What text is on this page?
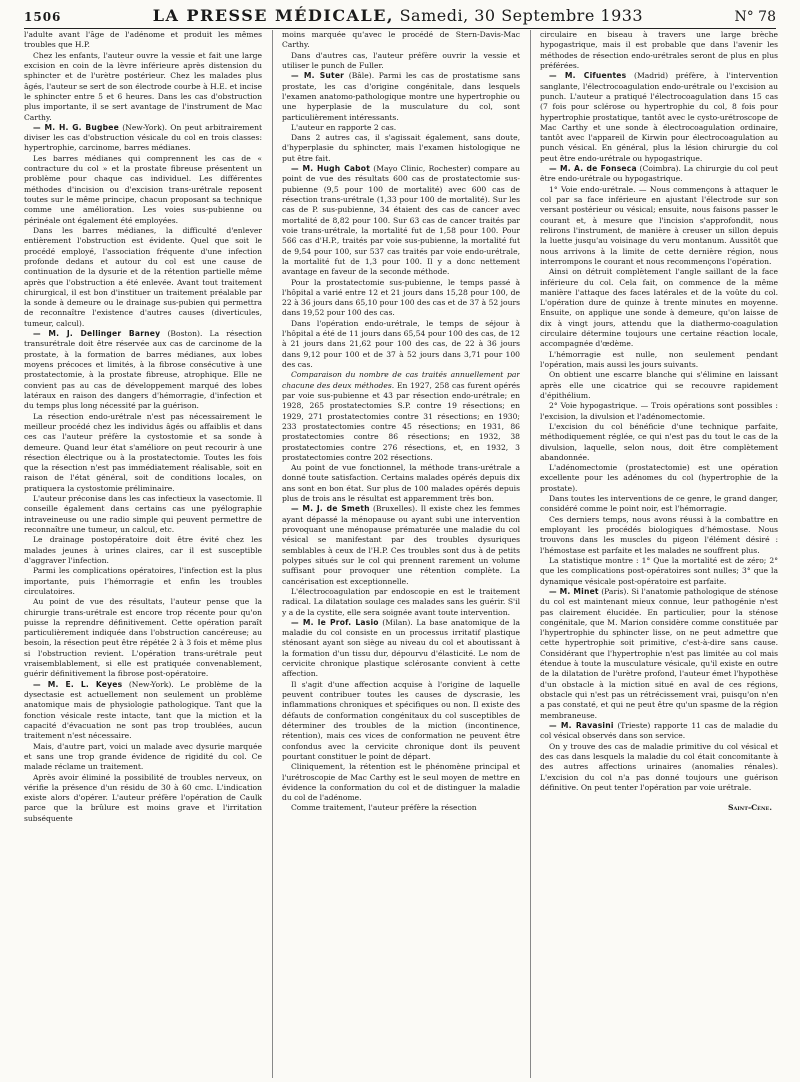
1506	LA PRESSE MÉDICALE, Samedi, 30 Septembre 1933	N° 78

l'adulte avant l'âge de l'adénome et produit les mêmes troubles que H.P.

Chez les enfants, l'auteur ouvre la vessie et fait une large excision en coin de la lèvre inférieure après distension du sphincter et de l'urètre postérieur. Chez les malades plus âgés, l'auteur se sert de son électrode courbe à H.E. et incise le sphincter entre 5 et 6 heures. Dans les cas d'obstruction plus importante, il se sert avantage de l'instrument de Mac Carthy.

— M. H. G. Bugbee (New-York). On peut arbitrairement diviser les cas d'obstruction vésicale du col en trois classes: hypertrophie, carcinome, barres médianes.

Les barres médianes qui comprennent les cas de « contracture du col » et la prostate fibreuse présentent un problème pour chaque cas individuel. Les différentes méthodes d'incision ou d'excision trans-urétrale reposent toutes sur le même principe, chacun proposant sa technique comme une amélioration. Les voies sus-pubienne ou périnéale ont également été employées.

Dans les barres médianes, la difficulté d'enlever entièrement l'obstruction est évidente. Quel que soit le procédé employé, l'association fréquente d'une infection profonde dedans et autour du col est une cause de continuation de la dysurie et de la rétention partielle même après que l'obstruction a été enlevée. Avant tout traitement chirurgical, il est bon d'instituer un traitement préalable par la sonde à demeure ou le drainage sus-pubien qui permettra de reconnaître l'existence d'autres causes (diverticules, tumeur, calcul).

— M. J. Dellinger Barney (Boston). La résection transurétrale doit être réservée aux cas de carcinome de la prostate, à la formation de barres médianes, aux lobes moyens précoces et limités, à la fibrose consécutive à une prostatectomie, à la prostate fibreuse, atrophique. Elle ne convient pas au cas de développement marqué des lobes latéraux en raison des dangers d'hémorragie, d'infection et du temps plus long nécessité par la guérison.

La résection endo-urétrale n'est pas nécessairement le meilleur procédé chez les individus âgés ou affaiblis et dans ces cas l'auteur préfère la cystostomie et sa sonde à demeure. Quand leur état s'améliore on peut recourir à une résection électrique ou à la prostatectomie. Toutes les fois que la résection n'est pas immédiatement réalisable, soit en raison de l'état général, soit de conditions locales, on pratiquera la cystostomie préliminaire.

L'auteur préconise dans les cas infectieux la vasectomie. Il conseille également dans certains cas une pyélographie intraveineuse ou une radio simple qui peuvent permettre de reconnaître une tumeur, un calcul, etc.

Le drainage postopératoire doit être évité chez les malades jeunes à urines claires, car il est susceptible d'aggraver l'infection.

Parmi les complications opératoires, l'infection est la plus importante, puis l'hémorragie et enfin les troubles circulatoires.

Au point de vue des résultats, l'auteur pense que la chirurgie trans-urétrale est encore trop récente pour qu'on puisse la reprendre définitivement. Cette opération paraît particulièrement indiquée dans l'obstruction cancéreuse; au besoin, la résection peut être répétée 2 à 3 fois et même plus si l'obstruction revient. L'opération trans-urétrale peut vraisemblablement, si elle est pratiquée convenablement, guérir définitivement la fibrose post-opératoire.

— M. E. L. Keyes (New-York). Le problème de la dysectasie est actuellement non seulement un problème anatomique mais de physiologie pathologique. Tant que la fonction vésicale reste intacte, tant que la miction et la capacité d'évacuation ne sont pas trop troublées, aucun traitement n'est nécessaire.

Mais, d'autre part, voici un malade avec dysurie marquée et sans une trop grande évidence de rigidité du col. Ce malade réclame un traitement.

Après avoir éliminé la possibilité de troubles nerveux, on vérifie la présence d'un résidu de 30 à 60 cmc. L'indication existe alors d'opérer. L'auteur préfère l'opération de Caulk parce que la brûlure est moins grave et l'irritation subséquente

moins marquée qu'avec le procédé de Stern-Davis-Mac Carthy.

Dans d'autres cas, l'auteur préfère ouvrir la vessie et utiliser le punch de Fuller.

— M. Suter (Bâle). Parmi les cas de prostatisme sans prostate, les cas d'origine congénitale, dans lesquels l'examen anatomo-pathologique montre une hypertrophie ou une hyperplasie de la musculature du col, sont particulièrement intéressants.

L'auteur en rapporte 2 cas.

Dans 2 autres cas, il s'agissait également, sans doute, d'hyperplasie du sphincter, mais l'examen histologique ne put être fait.

— M. Hugh Cabot (Mayo Clinic, Rochester) compare au point de vue des résultats 600 cas de prostatectomie sus-pubienne (9,5 pour 100 de mortalité) avec 600 cas de résection trans-urétrale (1,33 pour 100 de mortalité). Sur les cas de P. sus-pubienne, 34 étaient des cas de cancer avec mortalité de 8,82 pour 100. Sur 63 cas de cancer traités par voie trans-urétrale, la mortalité fut de 1,58 pour 100. Pour 566 cas d'H.P., traités par voie sus-pubienne, la mortalité fut de 9,54 pour 100, sur 537 cas traités par voie endo-urétrale, la mortalité fut de 1,3 pour 100. Il y a donc nettement avantage en faveur de la seconde méthode.

Pour la prostatectomie sus-pubienne, le temps passé à l'hôpital a varié entre 12 et 21 jours dans 15,28 pour 100, de 22 à 36 jours dans 65,10 pour 100 des cas et de 37 à 52 jours dans 19,52 pour 100 des cas.

Dans l'opération endo-urétrale, le temps de séjour à l'hôpital a été de 11 jours dans 65,54 pour 100 des cas, de 12 à 21 jours dans 21,62 pour 100 des cas, de 22 à 36 jours dans 9,12 pour 100 et de 37 à 52 jours dans 3,71 pour 100 des cas.

Comparaison du nombre de cas traités annuellement par chacune des deux méthodes. En 1927, 258 cas furent opérés par voie sus-pubienne et 43 par résection endo-urétrale; en 1928, 265 prostatectomies S.P. contre 19 résections; en 1929, 271 prostatectomies contre 31 résections; en 1930; 233 prostatectomies contre 45 résections; en 1931, 86 prostatectomies contre 86 résections; en 1932, 38 prostatectomies contre 276 résections, et, en 1932, 3 prostatectomies contre 202 résections.

Au point de vue fonctionnel, la méthode trans-urétrale a donné toute satisfaction. Certains malades opérés depuis dix ans sont en bon état. Sur plus de 100 malades opérés depuis plus de trois ans le résultat est apparemment très bon.

— M. J. de Smeth (Bruxelles). Il existe chez les femmes ayant dépassé la ménopause ou ayant subi une intervention provoquant une ménopause prématurée une maladie du col vésical se manifestant par des troubles dysuriques semblables à ceux de l'H.P. Ces troubles sont dus à de petits polypes situés sur le col qui prennent rarement un volume suffisant pour provoquer une rétention complète. La cancérisation est exceptionnelle.

L'électrocoagulation par endoscopie en est le traitement radical. La dilatation soulage ces malades sans les guérir. S'il y a de la cystite, elle sera soignée avant toute intervention.

— M. le Prof. Lasio (Milan). La base anatomique de la maladie du col consiste en un processus irritatif plastique sténosant ayant son siège au niveau du col et aboutissant à la formation d'un tissu dur, dépourvu d'élasticité. Le nom de cervicite chronique plastique sclérosante convient à cette affection.

Il s'agit d'une affection acquise à l'origine de laquelle peuvent contribuer toutes les causes de dyscrasie, les inflammations chroniques et spécifiques ou non. Il existe des défauts de conformation congénitaux du col susceptibles de déterminer des troubles de la miction (incontinence, rétention), mais ces vices de conformation ne peuvent être confondus avec la cervicite chronique dont ils peuvent pourtant constituer le point de départ.

Cliniquement, la rétention est le phénomène principal et l'urétroscopie de Mac Carthy est le seul moyen de mettre en évidence la conformation du col et de distinguer la maladie du col de l'adénome.

Comme traitement, l'auteur préfère la résection

circulaire en biseau à travers une large brèche hypogastrique, mais il est probable que dans l'avenir les méthodes de résection endo-urétrales seront de plus en plus préférées.

— M. Cifuentes (Madrid) préfère, à l'intervention sanglante, l'électrocoagulation endo-urétrale ou l'excision au punch. L'auteur a pratiqué l'électrocoagulation dans 15 cas (7 fois pour sclérose ou hypertrophie du col, 8 fois pour hypertrophie prostatique, tantôt avec le cysto-urétroscope de Mac Carthy et une sonde à électrocoagulation ordinaire, tantôt avec l'appareil de Kirwin pour électrocoagulation au punch vésical. En général, plus la lésion chirurgie du col peut être endo-urétrale ou hypogastrique.

— M. A. de Fonseca (Coimbra). La chirurgie du col peut être endo-urétrale ou hypogastrique.

1° Voie endo-urétrale. — Nous commençons à attaquer le col par sa face inférieure en ajustant l'électrode sur son versant postérieur ou vésical; ensuite, nous faisons passer le courant et, à mesure que l'incision s'approfondit, nous relirons l'instrument, de manière à creuser un sillon depuis la luette jusqu'au voisinage du veru montanum. Aussitôt que nous arrivons à la limite de cette dernière région, nous interrompons le courant et nous recommençons l'opération.

Ainsi on détruit complètement l'angle saillant de la face inférieure du col. Cela fait, on commence de la même manière l'attaque des faces latérales et de la voûte du col. L'opération dure de quinze à trente minutes en moyenne. Ensuite, on applique une sonde à demeure, qu'on laisse de dix à vingt jours, attendu que la diathermo-coagulation circulaire détermine toujours une certaine réaction locale, accompagnée d'œdème.

L'hémorragie est nulle, non seulement pendant l'opération, mais aussi les jours suivants.

On obtient une escarre blanche qui s'élimine en laissant après elle une cicatrice qui se recouvre rapidement d'épithélium.

2° Voie hypogastrique. — Trois opérations sont possibles : l'excision, la divulsion et l'adénomectomie.

L'excision du col bénéficie d'une technique parfaite, méthodiquement réglée, ce qui n'est pas du tout le cas de la divulsion, laquelle, selon nous, doit être complètement abandonnée.

L'adénomectomie (prostatectomie) est une opération excellente pour les adénomes du col (hypertrophie de la prostate).

Dans toutes les interventions de ce genre, le grand danger, considéré comme le point noir, est l'hémorragie.

Ces derniers temps, nous avons réussi à la combattre en employant les procédés biologiques d'hémostase. Nous trouvons dans les muscles du pigeon l'élément désiré : l'hémostase est parfaite et les malades ne souffrent plus.

La statistique montre : 1° Que la mortalité est de zéro; 2° que les complications post-opératoires sont nulles; 3° que la dynamique vésicale post-opératoire est parfaite.

— M. Minet (Paris). Si l'anatomie pathologique de sténose du col est maintenant mieux connue, leur pathogénie n'est pas clairement élucidée. En particulier, pour la sténose congénitale, que M. Marion considère comme constituée par l'hypertrophie du sphincter lisse, on ne peut admettre que cette hypertrophie soit primitive, c'est-à-dire sans cause. Considérant que l'hypertrophie n'est pas limitée au col mais étendue à toute la musculature vésicale, qu'il existe en outre de la dilatation de l'urètre profond, l'auteur émet l'hypothèse d'un obstacle à la miction situé en aval de ces régions, obstacle qui n'est pas un rétrécissement vrai, puisqu'on n'en a pas constaté, et qui ne peut être qu'un spasme de la région membraneuse.

— M. Ravasini (Trieste) rapporte 11 cas de maladie du col vésical observés dans son service.

On y trouve des cas de maladie primitive du col vésical et des cas dans lesquels la maladie du col était concomitante à des autres affections urinaires (anomalies rénales). L'excision du col n'a pas donné toujours une guérison définitive. On peut tenter l'opération par voie urétrale.

Saint-Cène.
